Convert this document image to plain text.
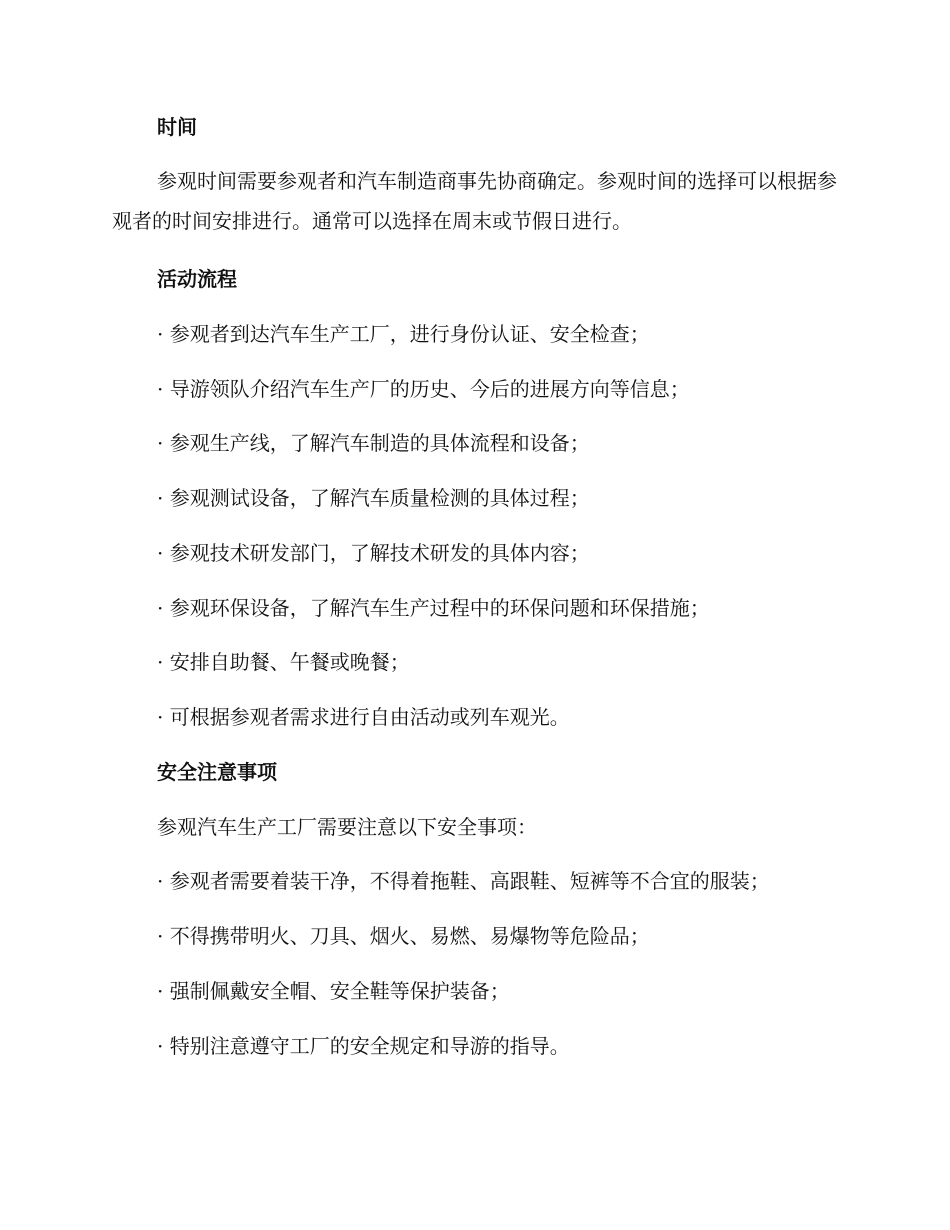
时间
参观时间需要参观者和汽车制造商事先协商确定。参观时间的选择可以根据参观者的时间安排进行。通常可以选择在周末或节假日进行。
活动流程
· 参观者到达汽车生产工厂，进行身份认证、安全检查；
· 导游领队介绍汽车生产厂的历史、今后的进展方向等信息；
· 参观生产线，了解汽车制造的具体流程和设备；
· 参观测试设备，了解汽车质量检测的具体过程；
· 参观技术研发部门，了解技术研发的具体内容；
· 参观环保设备，了解汽车生产过程中的环保问题和环保措施；
· 安排自助餐、午餐或晚餐；
· 可根据参观者需求进行自由活动或列车观光。
安全注意事项
参观汽车生产工厂需要注意以下安全事项：
· 参观者需要着装干净，不得着拖鞋、高跟鞋、短裤等不合宜的服装；
· 不得携带明火、刀具、烟火、易燃、易爆物等危险品；
· 强制佩戴安全帽、安全鞋等保护装备；
· 特别注意遵守工厂的安全规定和导游的指导。
